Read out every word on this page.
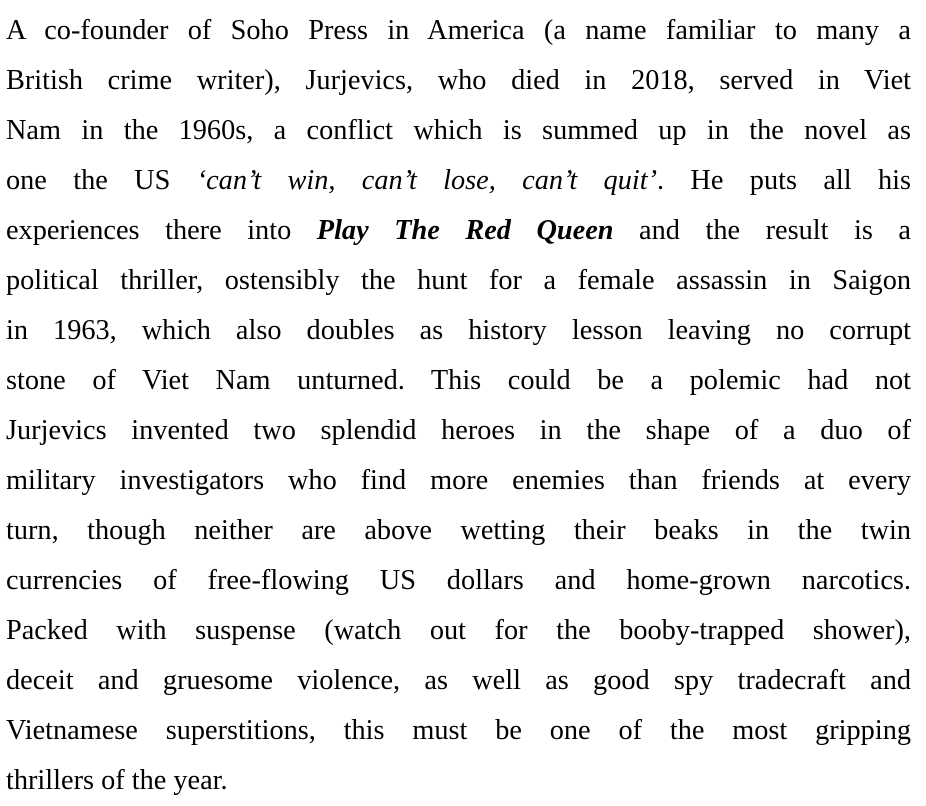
A co-founder of Soho Press in America (a name familiar to many a
British crime writer), Jurjevics, who died in 2018, served in Viet
Nam in the 1960s, a conflict which is summed up in the novel as
one the US ‘can’t win, can’t lose, can’t quit’. He puts all his
experiences there into Play The Red Queen and the result is a
political thriller, ostensibly the hunt for a female assassin in Saigon
in 1963, which also doubles as history lesson leaving no corrupt
stone of Viet Nam unturned. This could be a polemic had not
Jurjevics invented two splendid heroes in the shape of a duo of
military investigators who find more enemies than friends at every
turn, though neither are above wetting their beaks in the twin
currencies of free-flowing US dollars and home-grown narcotics.
Packed with suspense (watch out for the booby-trapped shower),
deceit and gruesome violence, as well as good spy tradecraft and
Vietnamese superstitions, this must be one of the most gripping
thrillers of the year.
